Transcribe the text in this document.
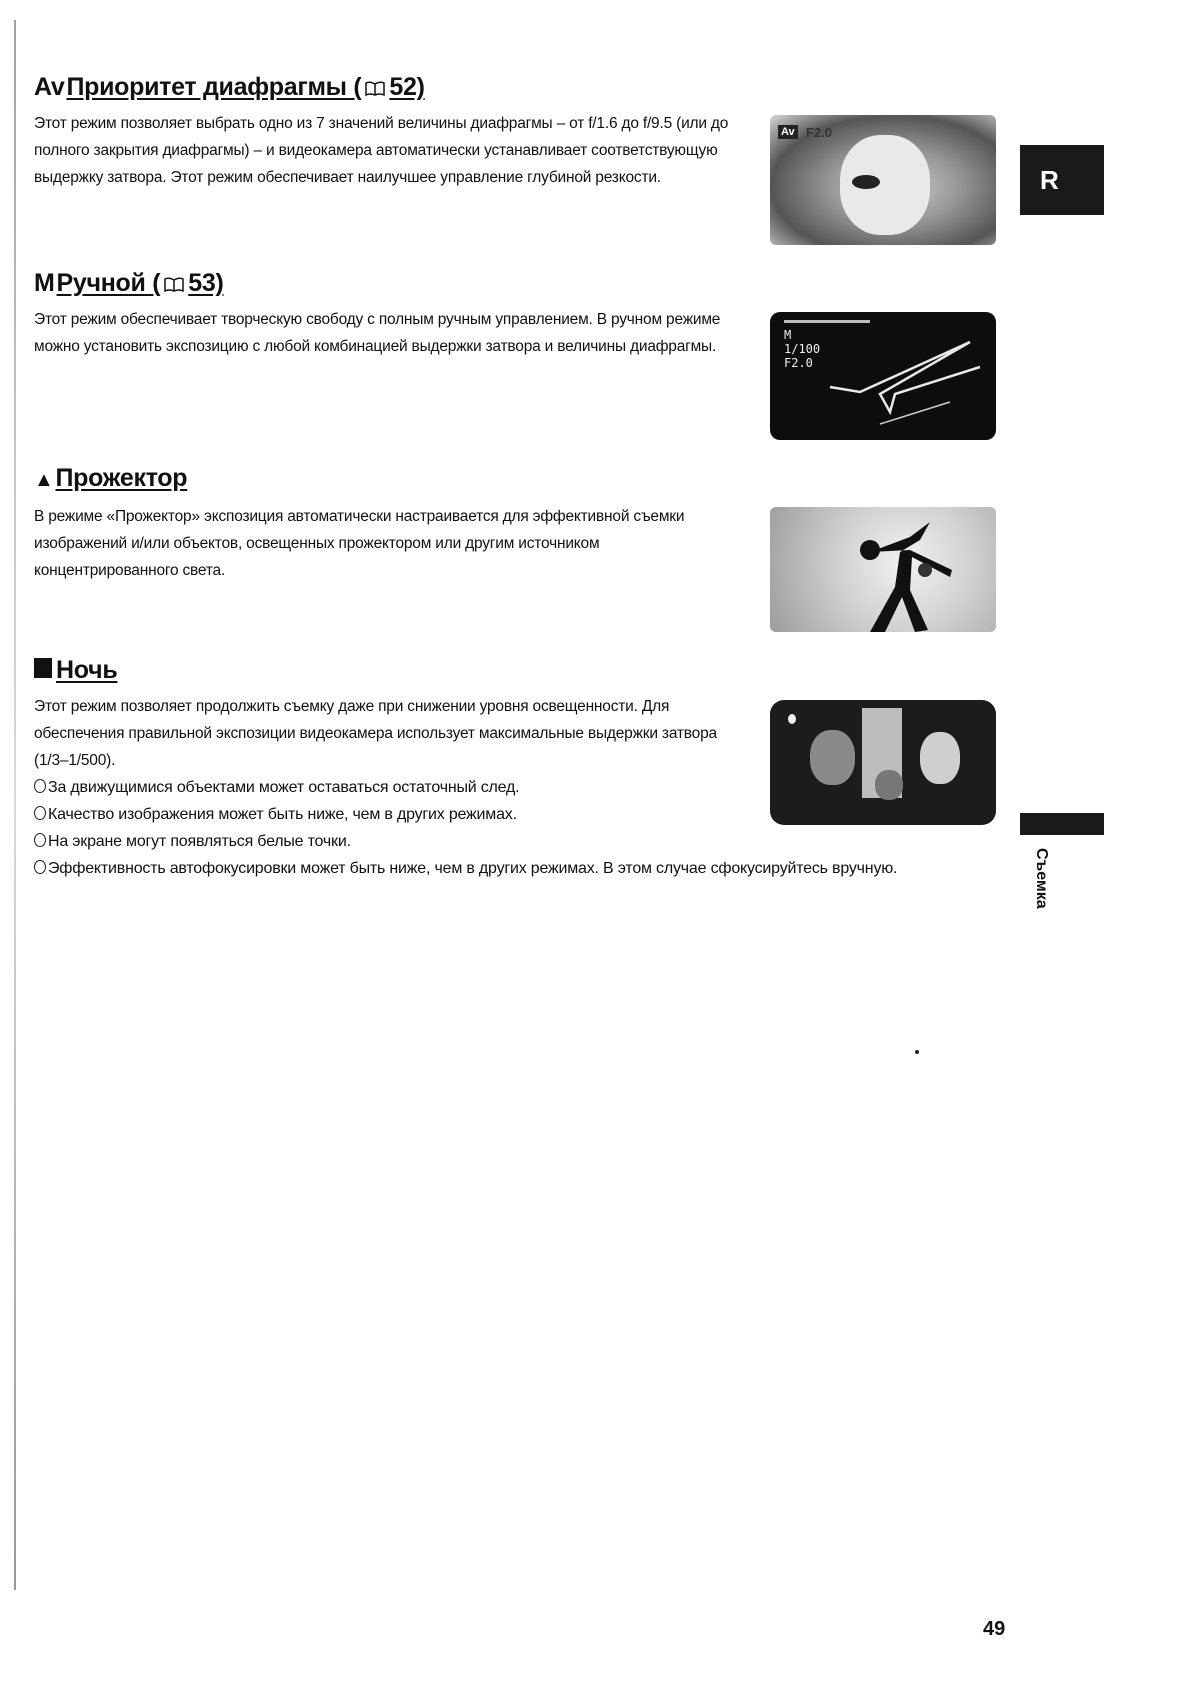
Av Приоритет диафрагмы ( 52)

Этот режим позволяет выбрать одно из 7 значений величины диафрагмы – от f/1.6 до f/9.5 (или до полного закрытия диафрагмы) – и видеокамера автоматически устанавливает соответствующую выдержку затвора. Этот режим обеспечивает наилучшее управление глубиной резкости.

M Ручной ( 53)

Этот режим обеспечивает творческую свободу с полным ручным управлением. В ручном режиме можно установить экспозицию с любой комбинацией выдержки затвора и величины диафрагмы.

▲ Прожектор

В режиме «Прожектор» экспозиция автоматически настраивается для эффективной съемки изображений и/или объектов, освещенных прожектором или другим источником концентрированного света.

Ночь

Этот режим позволяет продолжить съемку даже при снижении уровня освещенности. Для обеспечения правильной экспозиции видеокамера использует максимальные выдержки затвора (1/3–1/500).

За движущимися объектами может оставаться остаточный след.

Качество изображения может быть ниже, чем в других режимах.

На экране могут появляться белые точки.

Эффективность автофокусировки может быть ниже, чем в других режимах. В этом случае сфокусируйтесь вручную.

Av F2.0
M
1/100
F2.0
R
Съемка
49
